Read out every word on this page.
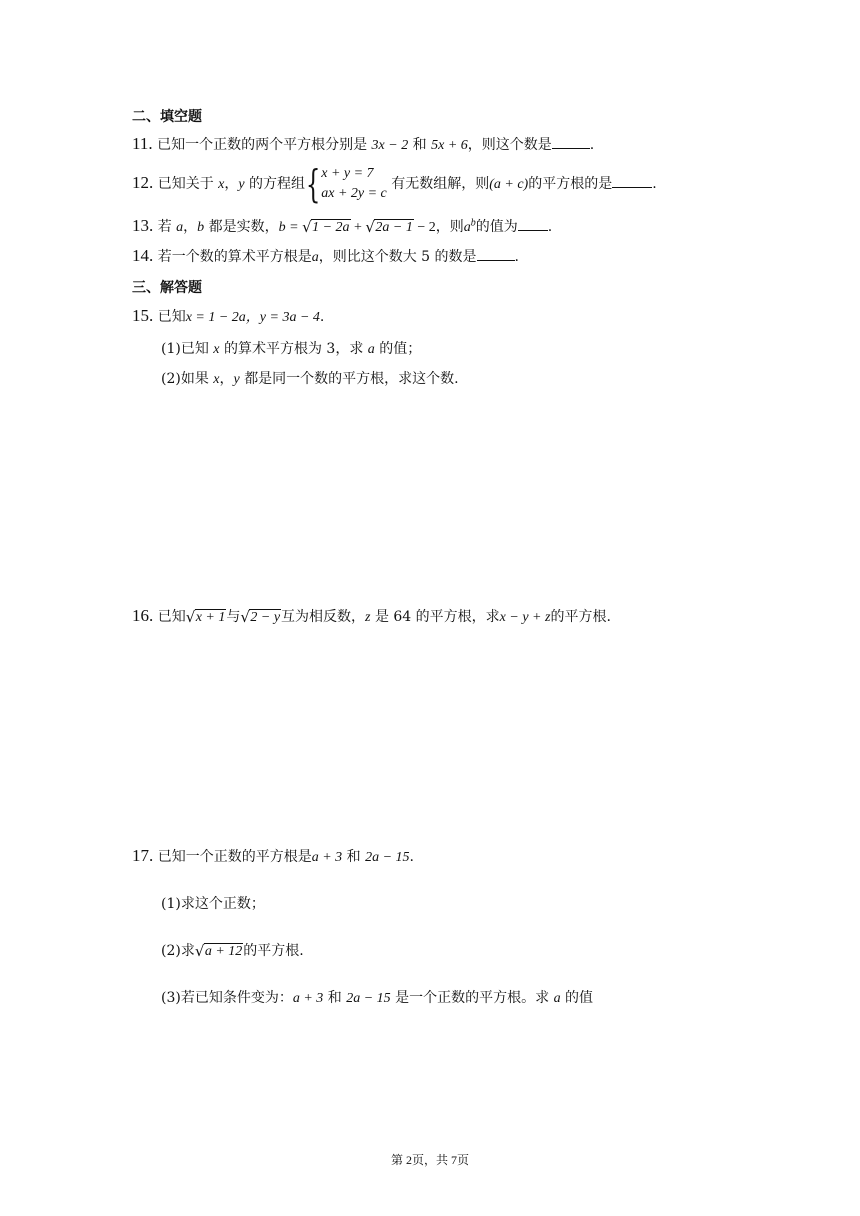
二、填空题
11. 已知一个正数的两个平方根分别是 3x − 2 和 5x + 6，则这个数是	.
12. 已知关于 x，y 的方程组{ x + y = 7
ax + 2y = c
有无数组解，则(a + c)的平方根的是	.
13. 若 a，b 都是实数，b = √ 1 − 2a + √ 2a − 1 − 2，则$a^b$的值为 .
14. 若一个数的算术平方根是a，则比这个数大 5 的数是	.
三、解答题
15. 已知x = 1 − 2a，y = 3a − 4.
(1)已知 x 的算术平方根为 3，求 a 的值；
(2)如果 x，y 都是同一个数的平方根，求这个数.
16. 已知 √ x + 1与 √ 2 − y互为相反数，z 是 64 的平方根，求x − y + z的平方根.
17. 已知一个正数的平方根是a + 3 和 2a − 15.
(1)求这个正数；
(2)求 √ a + 12的平方根.
(3)若已知条件变为：a + 3 和 2a − 15 是一个正数的平方根。求 a 的值
第 2页，共 7页
